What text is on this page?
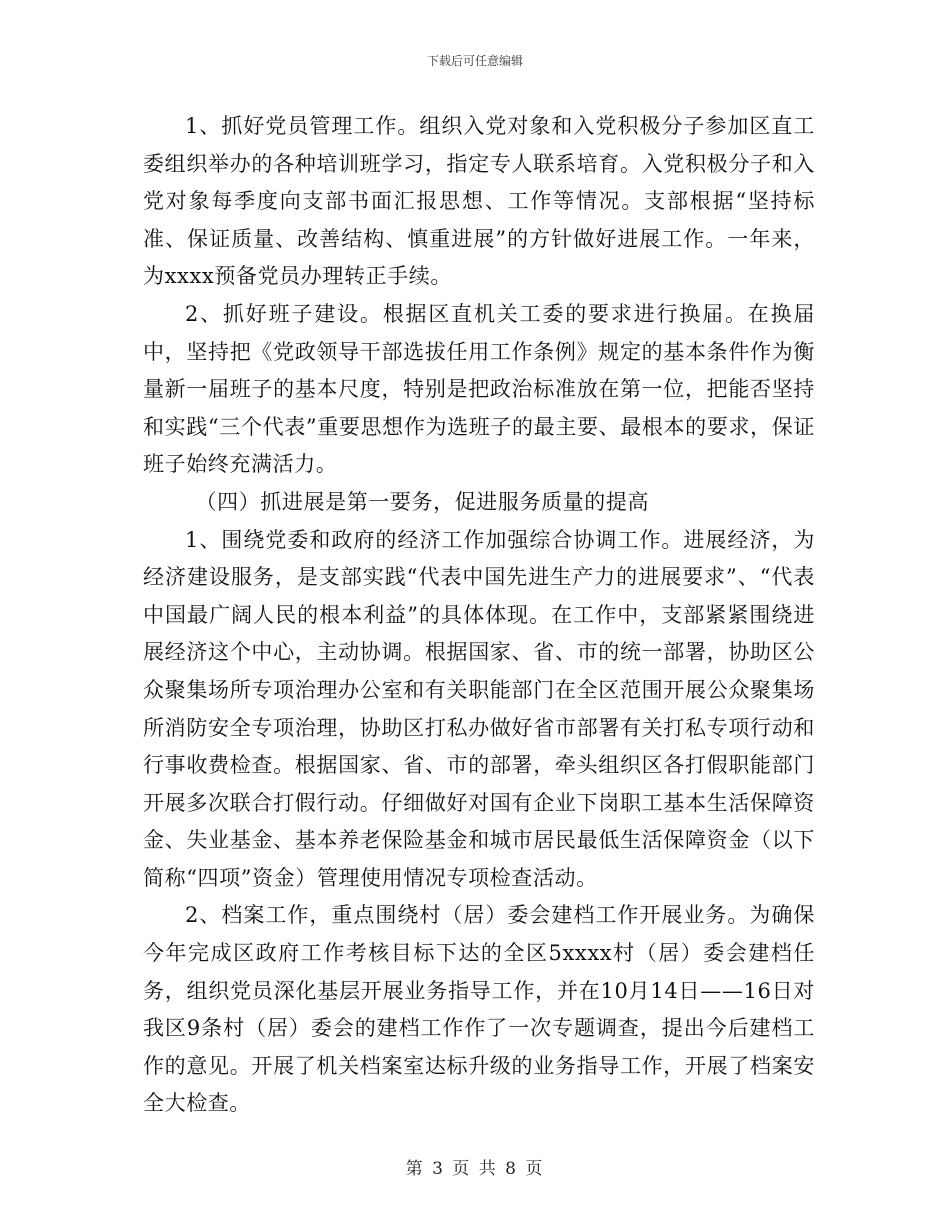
下载后可任意编辑

1、抓好党员管理工作。组织入党对象和入党积极分子参加区直工委组织举办的各种培训班学习，指定专人联系培育。入党积极分子和入党对象每季度向支部书面汇报思想、工作等情况。支部根据“坚持标准、保证质量、改善结构、慎重进展”的方针做好进展工作。一年来，为xxxx预备党员办理转正手续。

2、抓好班子建设。根据区直机关工委的要求进行换届。在换届中，坚持把《党政领导干部选拔任用工作条例》规定的基本条件作为衡量新一届班子的基本尺度，特别是把政治标准放在第一位，把能否坚持和实践“三个代表”重要思想作为选班子的最主要、最根本的要求，保证班子始终充满活力。

（四）抓进展是第一要务，促进服务质量的提高

1、围绕党委和政府的经济工作加强综合协调工作。进展经济，为经济建设服务，是支部实践“代表中国先进生产力的进展要求”、“代表中国最广阔人民的根本利益”的具体体现。在工作中，支部紧紧围绕进展经济这个中心，主动协调。根据国家、省、市的统一部署，协助区公众聚集场所专项治理办公室和有关职能部门在全区范围开展公众聚集场所消防安全专项治理，协助区打私办做好省市部署有关打私专项行动和行事收费检查。根据国家、省、市的部署，牵头组织区各打假职能部门开展多次联合打假行动。仔细做好对国有企业下岗职工基本生活保障资金、失业基金、基本养老保险基金和城市居民最低生活保障资金（以下简称“四项”资金）管理使用情况专项检查活动。

2、档案工作，重点围绕村（居）委会建档工作开展业务。为确保今年完成区政府工作考核目标下达的全区5xxxx村（居）委会建档任务，组织党员深化基层开展业务指导工作，并在10月14日——16日对我区9条村（居）委会的建档工作作了一次专题调查，提出今后建档工作的意见。开展了机关档案室达标升级的业务指导工作，开展了档案安全大检查。

第 3 页 共 8 页
